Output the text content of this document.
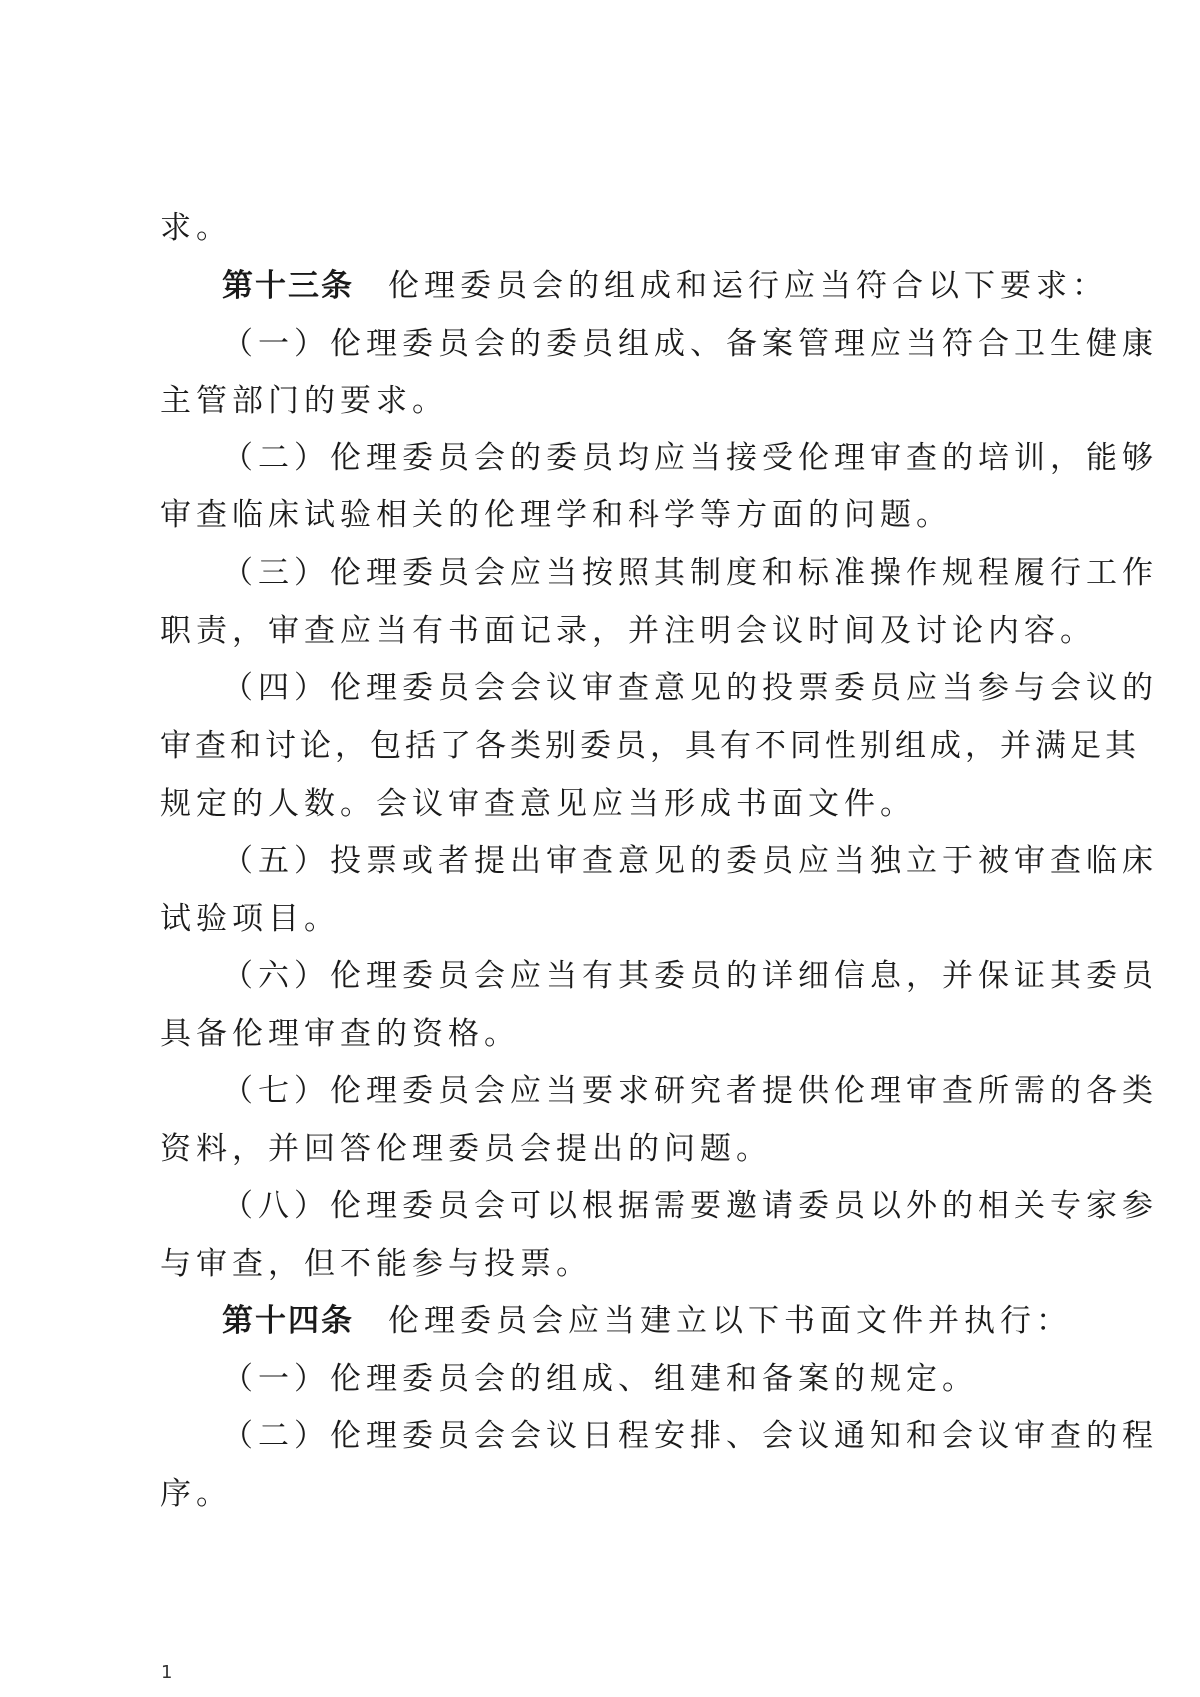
求。
第十三条 伦理委员会的组成和运行应当符合以下要求：
（一）伦理委员会的委员组成、备案管理应当符合卫生健康
主管部门的要求。
（二）伦理委员会的委员均应当接受伦理审查的培训，能够
审查临床试验相关的伦理学和科学等方面的问题。
（三）伦理委员会应当按照其制度和标准操作规程履行工作
职责，审查应当有书面记录，并注明会议时间及讨论内容。
（四）伦理委员会会议审查意见的投票委员应当参与会议的
审查和讨论，包括了各类别委员，具有不同性别组成，并满足其
规定的人数。会议审查意见应当形成书面文件。
（五）投票或者提出审查意见的委员应当独立于被审查临床
试验项目。
（六）伦理委员会应当有其委员的详细信息，并保证其委员
具备伦理审查的资格。
（七）伦理委员会应当要求研究者提供伦理审查所需的各类
资料，并回答伦理委员会提出的问题。
（八）伦理委员会可以根据需要邀请委员以外的相关专家参
与审查，但不能参与投票。
第十四条 伦理委员会应当建立以下书面文件并执行：
（一）伦理委员会的组成、组建和备案的规定。
（二）伦理委员会会议日程安排、会议通知和会议审查的程
序。
1
